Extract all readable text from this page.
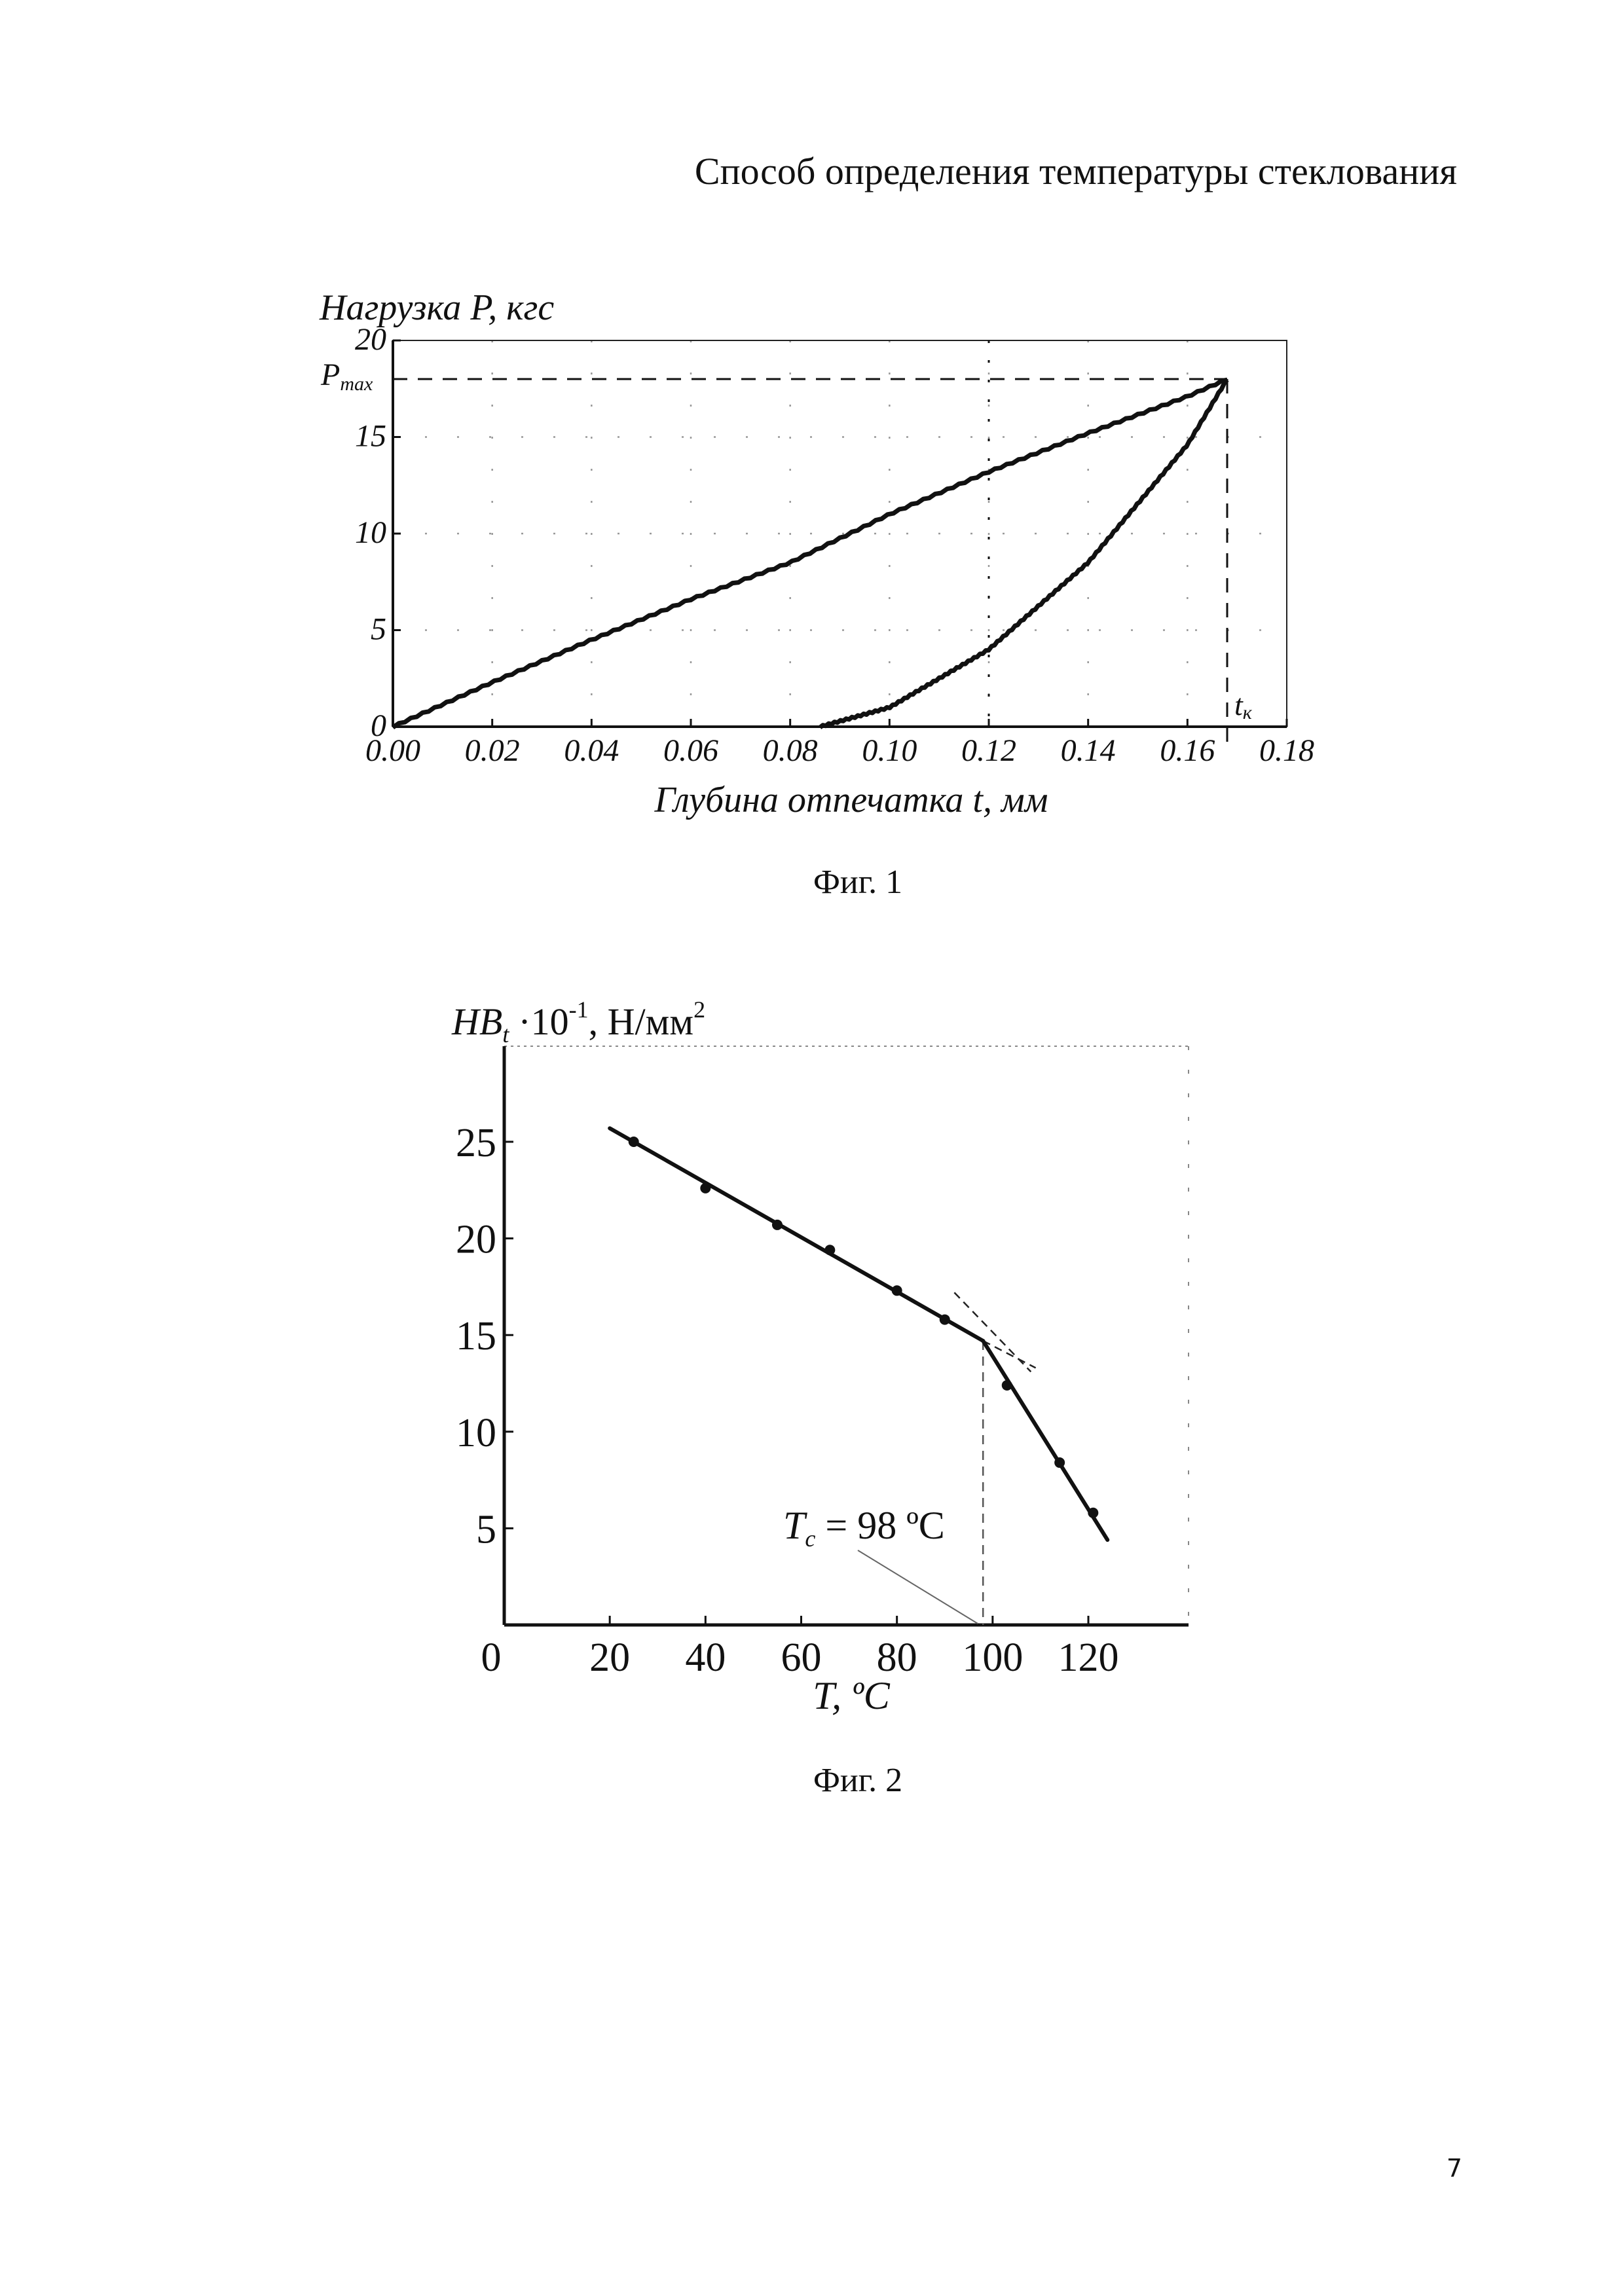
Способ определения температуры стеклования
Нагрузка P, кгс
Глубина отпечатка t, мм
0.00 0.02 0.04 0.06 0.08 0.10 0.12 0.14 0.16 0.18
0
5
10
15
20
Pmax
tк
Фиг. 1
$HB_t \cdot 10^{-1}$, $Н/мм^2$
T, ºC
0 20 40 60 80 100 120
5
10
15
20
25
$T_c = 98$ ºC
Фиг. 2
7
